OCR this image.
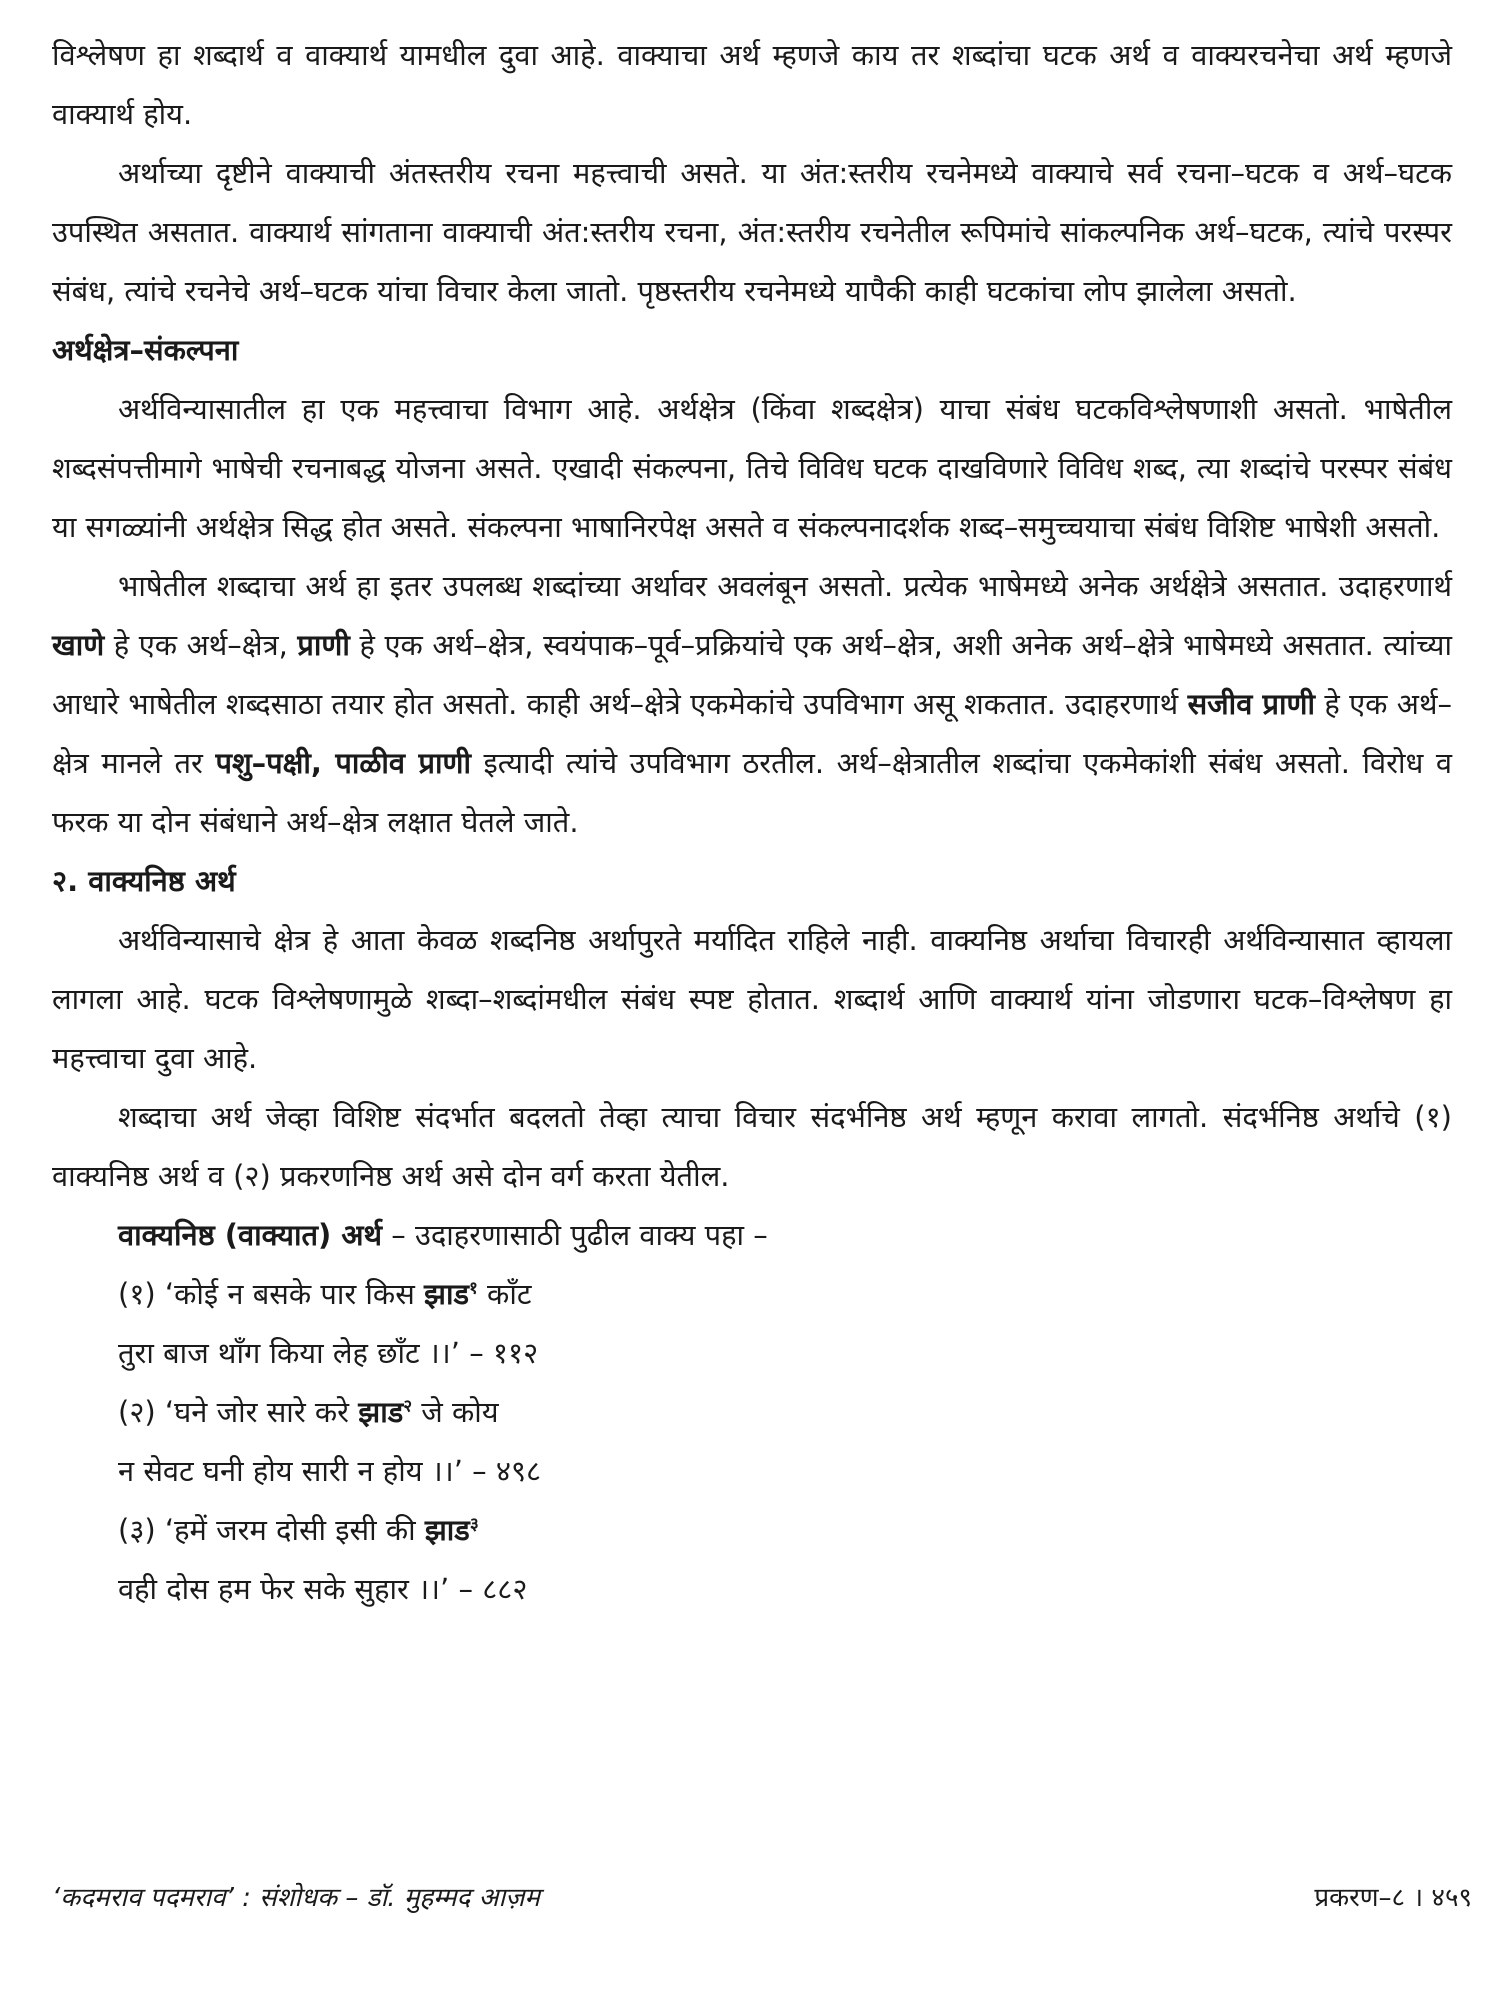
विश्लेषण हा शब्दार्थ व वाक्यार्थ यामधील दुवा आहे. वाक्याचा अर्थ म्हणजे काय तर शब्दांचा घटक अर्थ व वाक्यरचनेचा अर्थ म्हणजे वाक्यार्थ होय.

अर्थाच्या दृष्टीने वाक्याची अंतस्तरीय रचना महत्त्वाची असते. या अंत:स्तरीय रचनेमध्ये वाक्याचे सर्व रचना–घटक व अर्थ–घटक उपस्थित असतात. वाक्यार्थ सांगताना वाक्याची अंत:स्तरीय रचना, अंत:स्तरीय रचनेतील रूपिमांचे सांकल्पनिक अर्थ–घटक, त्यांचे परस्पर संबंध, त्यांचे रचनेचे अर्थ–घटक यांचा विचार केला जातो. पृष्ठस्तरीय रचनेमध्ये यापैकी काही घटकांचा लोप झालेला असतो.

अर्थक्षेत्र–संकल्पना

अर्थविन्यासातील हा एक महत्त्वाचा विभाग आहे. अर्थक्षेत्र (किंवा शब्दक्षेत्र) याचा संबंध घटकविश्लेषणाशी असतो. भाषेतील शब्दसंपत्तीमागे भाषेची रचनाबद्ध योजना असते. एखादी संकल्पना, तिचे विविध घटक दाखविणारे विविध शब्द, त्या शब्दांचे परस्पर संबंध या सगळ्यांनी अर्थक्षेत्र सिद्ध होत असते. संकल्पना भाषानिरपेक्ष असते व संकल्पनादर्शक शब्द–समुच्चयाचा संबंध विशिष्ट भाषेशी असतो.

भाषेतील शब्दाचा अर्थ हा इतर उपलब्ध शब्दांच्या अर्थावर अवलंबून असतो. प्रत्येक भाषेमध्ये अनेक अर्थक्षेत्रे असतात. उदाहरणार्थ खाणे हे एक अर्थ–क्षेत्र, प्राणी हे एक अर्थ–क्षेत्र, स्वयंपाक–पूर्व–प्रक्रियांचे एक अर्थ–क्षेत्र, अशी अनेक अर्थ–क्षेत्रे भाषेमध्ये असतात. त्यांच्या आधारे भाषेतील शब्दसाठा तयार होत असतो. काही अर्थ–क्षेत्रे एकमेकांचे उपविभाग असू शकतात. उदाहरणार्थ सजीव प्राणी हे एक अर्थ–क्षेत्र मानले तर पशु–पक्षी, पाळीव प्राणी इत्यादी त्यांचे उपविभाग ठरतील. अर्थ–क्षेत्रातील शब्दांचा एकमेकांशी संबंध असतो. विरोध व फरक या दोन संबंधाने अर्थ–क्षेत्र लक्षात घेतले जाते.

२. वाक्यनिष्ठ अर्थ

अर्थविन्यासाचे क्षेत्र हे आता केवळ शब्दनिष्ठ अर्थापुरते मर्यादित राहिले नाही. वाक्यनिष्ठ अर्थाचा विचारही अर्थविन्यासात व्हायला लागला आहे. घटक विश्लेषणामुळे शब्दा–शब्दांमधील संबंध स्पष्ट होतात. शब्दार्थ आणि वाक्यार्थ यांना जोडणारा घटक–विश्लेषण हा महत्त्वाचा दुवा आहे.

शब्दाचा अर्थ जेव्हा विशिष्ट संदर्भात बदलतो तेव्हा त्याचा विचार संदर्भनिष्ठ अर्थ म्हणून करावा लागतो. संदर्भनिष्ठ अर्थाचे (१) वाक्यनिष्ठ अर्थ व (२) प्रकरणनिष्ठ अर्थ असे दोन वर्ग करता येतील.

वाक्यनिष्ठ (वाक्यात) अर्थ – उदाहरणासाठी पुढील वाक्य पहा –
(१) ‘कोई न बसके पार किस झाड$^१$ काँट
तुरा बाज थाँग किया लेह छाँट ।।’ – ११२
(२) ‘घने जोर सारे करे झाड$^२$ जे कोय
न सेवट घनी होय सारी न होय ।।’ – ४९८
(३) ‘हमें जरम दोसी इसी की झाड$^३$
वही दोस हम फेर सके सुहार ।।’ – ८८२
‘कदमराव पदमराव’ : संशोधक – डॉ. मुहम्मद आज़म	प्रकरण–८ । ४५९
